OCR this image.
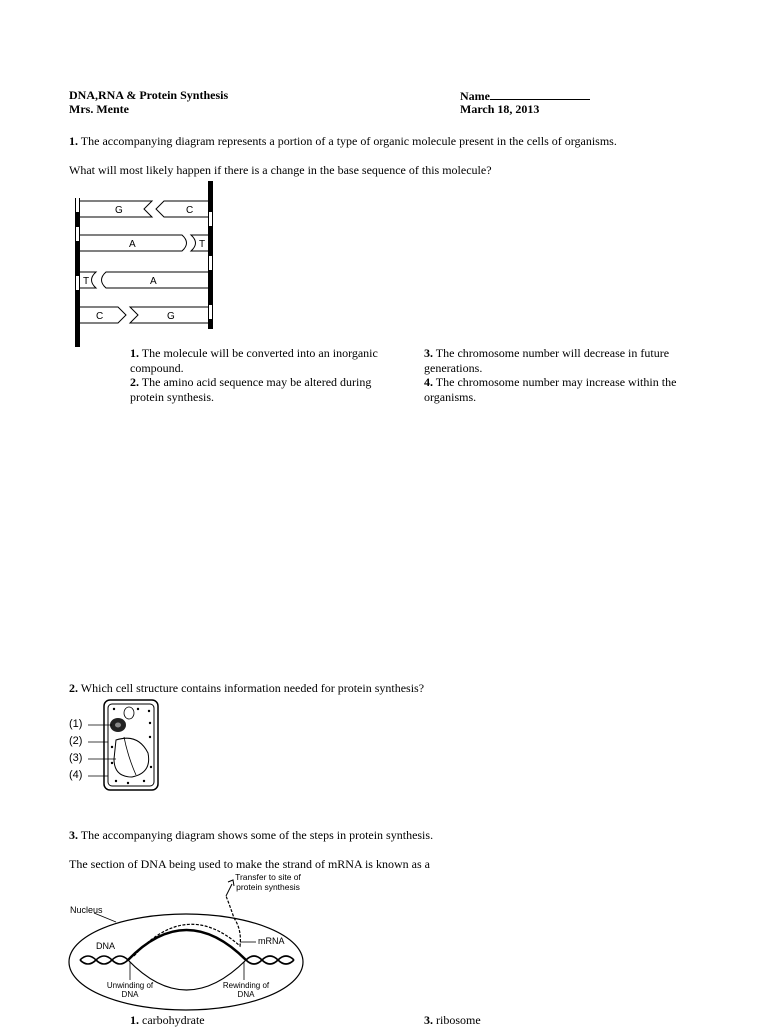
DNA,RNA & Protein Synthesis
Mrs. Mente
Name
March 18, 2013
1. The accompanying diagram represents a portion of a type of organic molecule present in the cells of organisms.
What will most likely happen if there is a change in the base sequence of this molecule?
G	C
A	T
T	A
C	G
1. The molecule will be converted into an inorganic compound.
2. The amino acid sequence may be altered during protein synthesis.
3. The chromosome number will decrease in future generations.
4. The chromosome number may increase within the organisms.
2. Which cell structure contains information needed for protein synthesis?
(1)
(2)
(3)
(4)
3. The accompanying diagram shows some of the steps in protein synthesis.
The section of DNA being used to make the strand of mRNA is known as a
Transfer to site of protein synthesis
Nucleus
DNA	mRNA
Unwinding of DNA
Rewinding of DNA
1. carbohydrate	3. ribosome
